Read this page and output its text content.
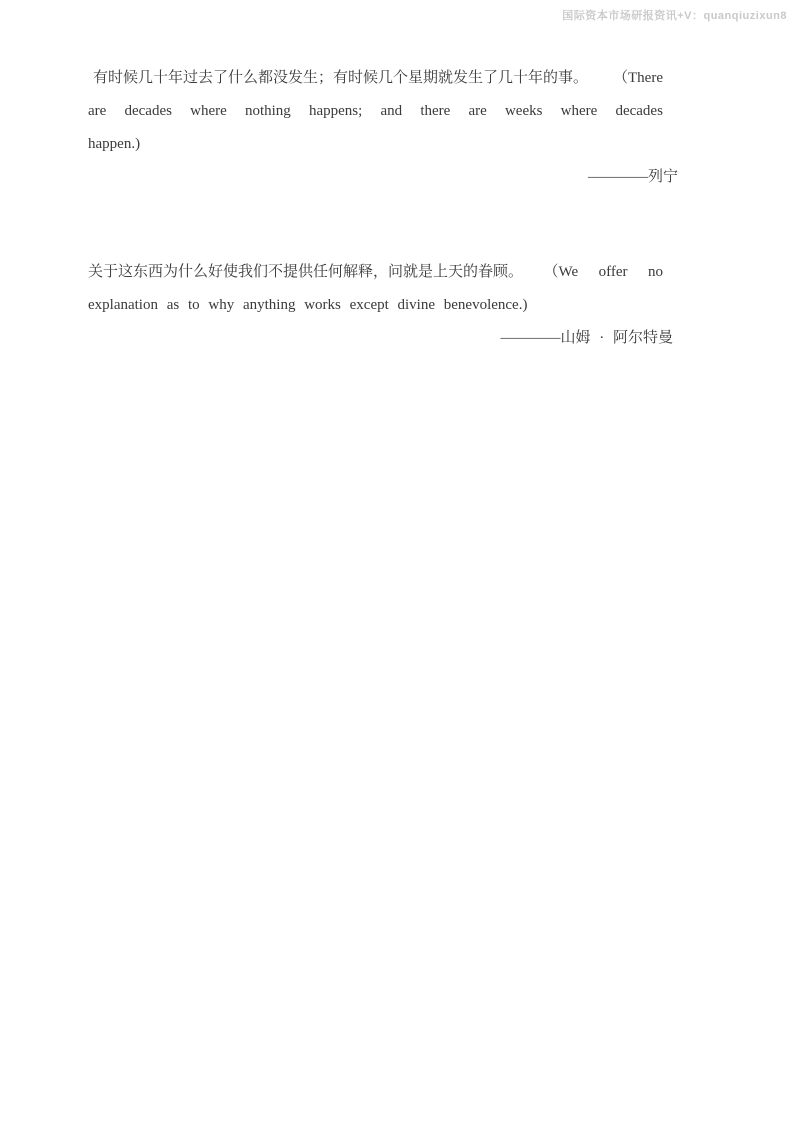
国际资本市场研报资讯+V：quanqiuzixun8
有时候几十年过去了什么都没发生；有时候几个星期就发生了几十年的事。 （There
are decades where nothing happens; and there are weeks where decades
happen.)
————列宁
关于这东西为什么好使我们不提供任何解释，问就是上天的眷顾。 （We offer no
explanation as to why anything works except divine benevolence.)
————山姆 · 阿尔特曼
